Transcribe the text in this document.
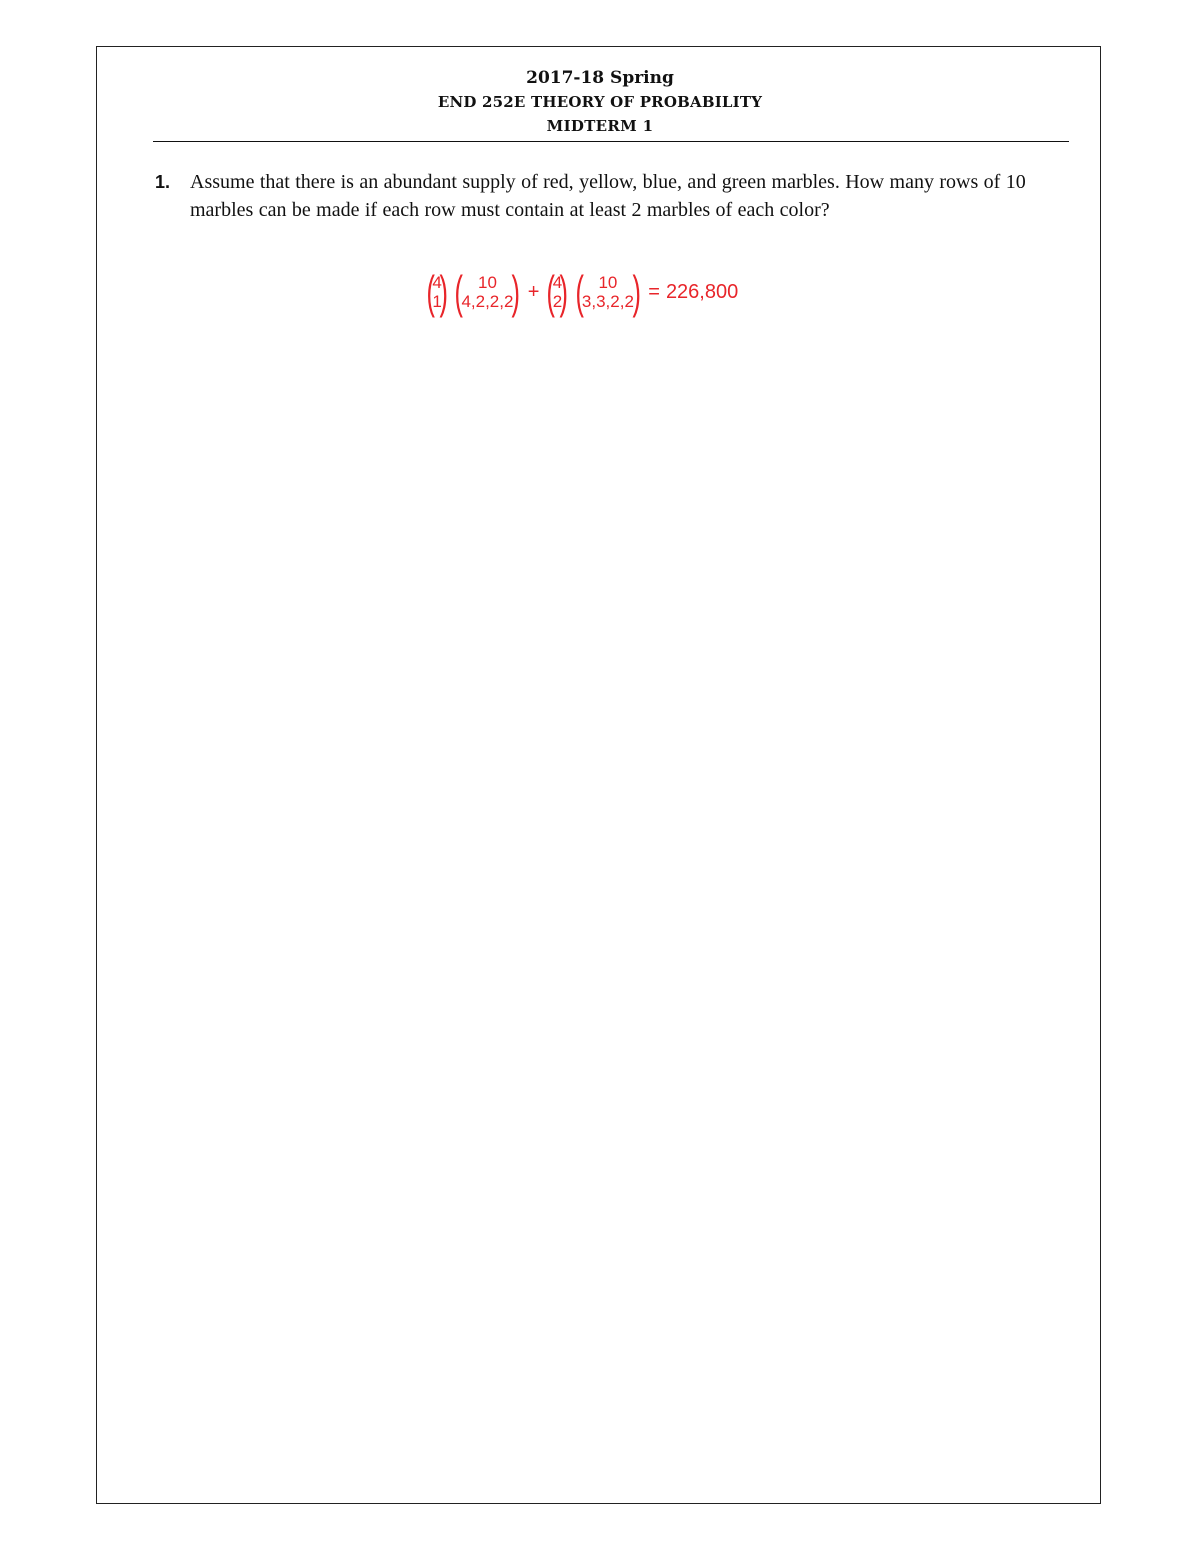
2017-18 Spring
END 252E THEORY OF PROBABILITY
MIDTERM 1
1. Assume that there is an abundant supply of red, yellow, blue, and green marbles. How many rows of 10 marbles can be made if each row must contain at least 2 marbles of each color?
(
4
1
) ( 10
4,2,2,2
) + (
4
2
) ( 10
3,3,2,2
) = 226,800
